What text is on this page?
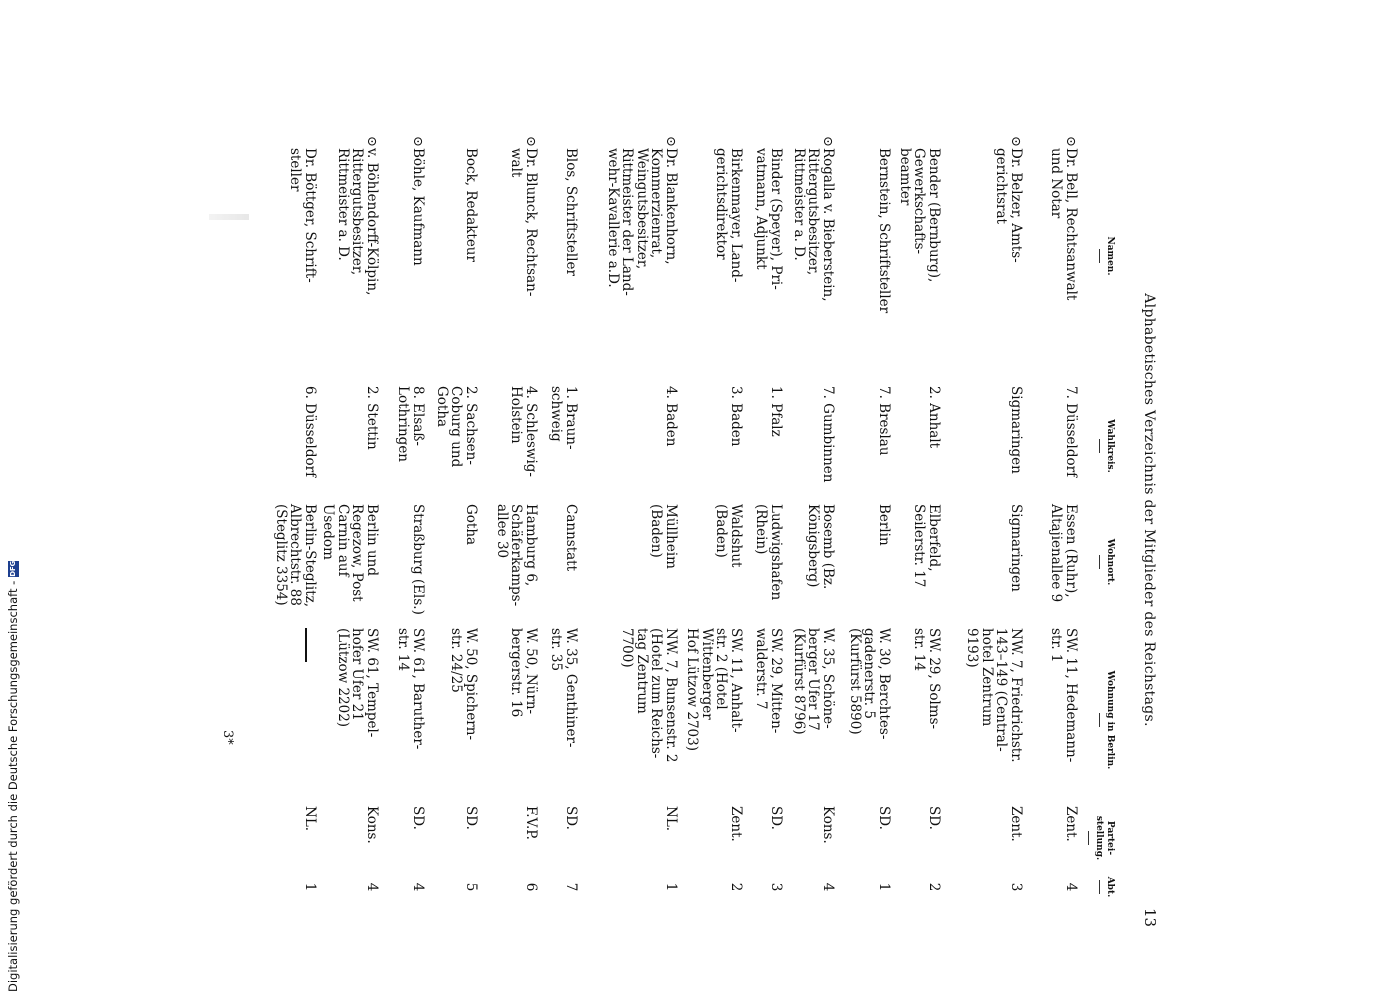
Alphabetisches Verzeichnis der Mitglieder des Reichstags.
13
Namen.
Wahlkreis.
Wohnort.
Wohnung in Berlin.
Partei-
stellung.
Abt.
⊙
Dr. Bell, Rechtsanwalt
und Notar
7. Düsseldorf
Essen (Ruhr),
Altajienallee 9
SW. 11, Hedemann-
str. 1
Zent.
4
⊙
Dr. Belzer, Amts-
gerichtsrat
Sigmaringen
Sigmaringen
NW. 7, Friedrichstr.
143–149 (Central-
hotel Zentrum
9193)
Zent.
3
Bender (Bernburg),
Gewerkschafts-
beamter
2. Anhalt
Elberfeld,
Seilerstr. 17
SW. 29, Solms-
str. 14
SD.
2
Bernstein, Schriftsteller
7. Breslau
Berlin
W. 30, Berchtes-
gadenerstr. 5
(Kurfürst 5890)
SD.
1
⊙
Rogalla v. Bieberstein,
Rittergutsbesitzer,
Rittmeister a. D.
7. Gumbinnen
Bosemb (Bz.
Königsberg)
W. 35, Schöne-
berger Ufer 17
(Kurfürst 8796)
Kons.
4
Binder (Speyer), Pri-
vatmann, Adjunkt
1. Pfalz
Ludwigshafen
(Rhein)
SW. 29, Mitten-
walderstr. 7
SD.
3
Birkenmayer, Land-
gerichtsdirektor
3. Baden
Waldshut
(Baden)
SW. 11, Anhalt-
str. 2 (Hotel
Wittenberger
Hof Lützow 2703)
Zent.
2
⊙
Dr. Blankenhorn,
Kommerzienrat,
Weingutsbesitzer,
Rittmeister der Land-
wehr-Kavallerie a.D.
4. Baden
Müllheim
(Baden)
NW. 7, Bunsenstr. 2
(Hotel zum Reichs-
tag Zentrum
7700)
NL.
1
Blos, Schriftsteller
1. Braun-
schweig
Cannstatt
W. 35, Genthiner-
str. 35
SD.
7
⊙
Dr. Blunck, Rechtsan-
walt
4. Schleswig-
Holstein
Hamburg 6,
Schäferkamps-
allee 30
W. 50, Nürn-
bergerstr. 16
F.V.P.
6
Bock, Redakteur
2. Sachsen-
Coburg und
Gotha
Gotha
W. 50, Spichern-
str. 24/25
SD.
5
⊙
Böhle, Kaufmann
8. Elsaß-
Lothringen
Straßburg (Els.)
SW. 61, Baruther-
str. 14
SD.
4
⊙
v. Böhlendorff-Kölpin,
Rittergutsbesitzer,
Rittmeister a. D.
2. Stettin
Berlin und
Regezow, Post
Carnin auf
Usedom
SW. 61, Tempel-
hofer Ufer 21
(Lützow 2202)
Kons.
4
Dr. Böttger, Schrift-
steller
6. Düsseldorf
Berlin-Steglitz,
Albrechtstr. 88
(Steglitz 3354)
NL.
1
3*
Digitalisierung gefördert durch die Deutsche Forschungsgemeinschaft -
DFG
